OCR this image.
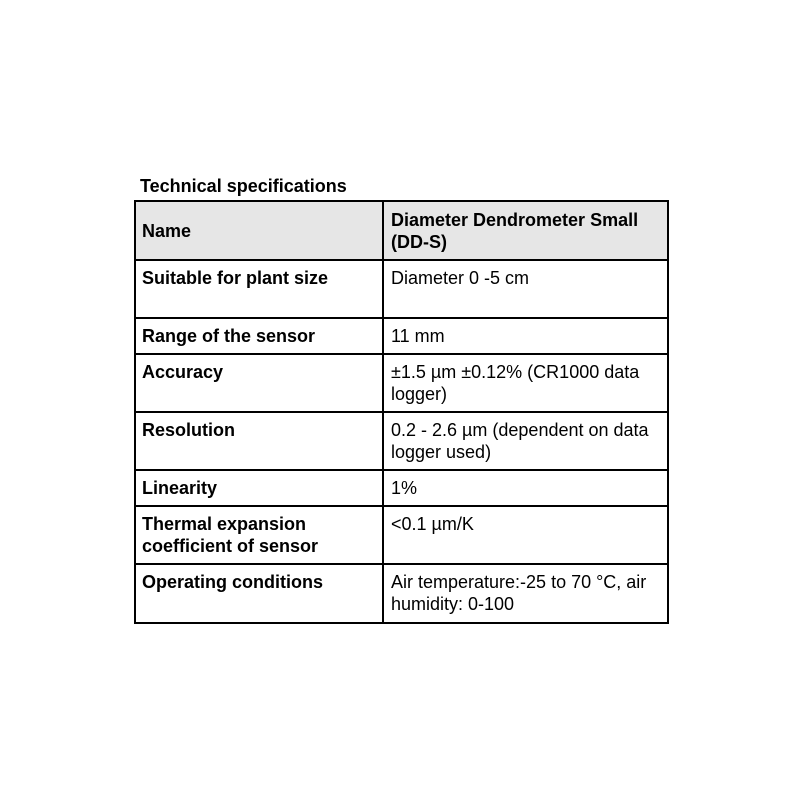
Technical specifications
Name	Diameter Dendrometer Small (DD-S)
Suitable for plant size	Diameter 0 -5 cm
Range of the sensor	11 mm
Accuracy	±1.5 µm ±0.12% (CR1000 data logger)
Resolution	0.2 - 2.6 µm (dependent on data logger used)
Linearity	1%
Thermal expansion coefficient of sensor	<0.1 µm/K
Operating conditions	Air temperature:-25 to 70 °C, air humidity: 0-100
